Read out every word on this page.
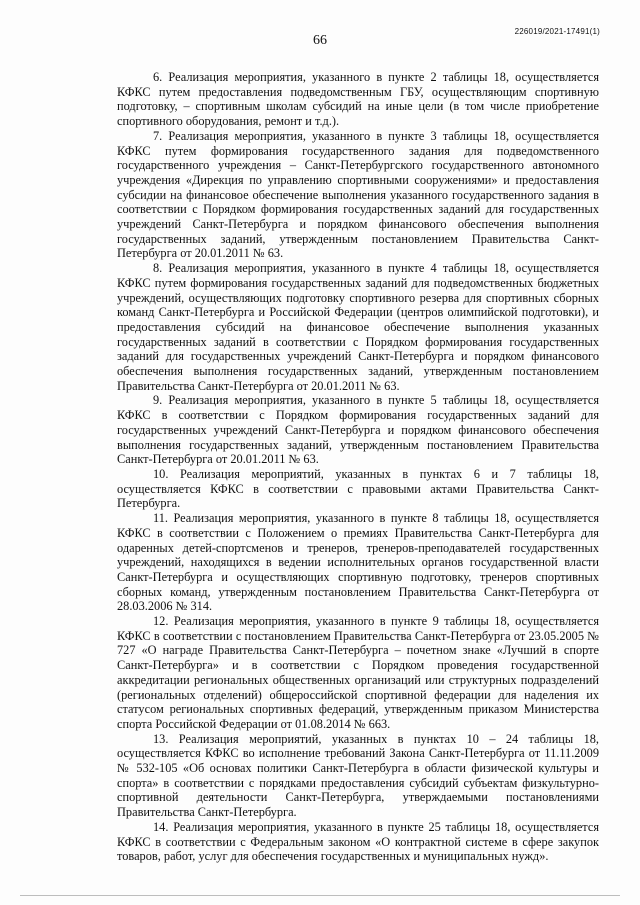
66
226019/2021-17491(1)

6. Реализация мероприятия, указанного в пункте 2 таблицы 18, осуществляется КФКС путем предоставления подведомственным ГБУ, осуществляющим спортивную подготовку, – спортивным школам субсидий на иные цели (в том числе приобретение спортивного оборудования, ремонт и т.д.).

7. Реализация мероприятия, указанного в пункте 3 таблицы 18, осуществляется КФКС путем формирования государственного задания для подведомственного государственного учреждения – Санкт-Петербургского государственного автономного учреждения «Дирекция по управлению спортивными сооружениями» и предоставления субсидии на финансовое обеспечение выполнения указанного государственного задания в соответствии с Порядком формирования государственных заданий для государственных учреждений Санкт-Петербурга и порядком финансового обеспечения выполнения государственных заданий, утвержденным постановлением Правительства Санкт-Петербурга от 20.01.2011 № 63.

8. Реализация мероприятия, указанного в пункте 4 таблицы 18, осуществляется КФКС путем формирования государственных заданий для подведомственных бюджетных учреждений, осуществляющих подготовку спортивного резерва для спортивных сборных команд Санкт-Петербурга и Российской Федерации (центров олимпийской подготовки), и предоставления субсидий на финансовое обеспечение выполнения указанных государственных заданий в соответствии с Порядком формирования государственных заданий для государственных учреждений Санкт-Петербурга и порядком финансового обеспечения выполнения государственных заданий, утвержденным постановлением Правительства Санкт-Петербурга от 20.01.2011 № 63.

9. Реализация мероприятия, указанного в пункте 5 таблицы 18, осуществляется КФКС в соответствии с Порядком формирования государственных заданий для государственных учреждений Санкт-Петербурга и порядком финансового обеспечения выполнения государственных заданий, утвержденным постановлением Правительства Санкт-Петербурга от 20.01.2011 № 63.

10. Реализация мероприятий, указанных в пунктах 6 и 7 таблицы 18, осуществляется КФКС в соответствии с правовыми актами Правительства Санкт-Петербурга.

11. Реализация мероприятия, указанного в пункте 8 таблицы 18, осуществляется КФКС в соответствии с Положением о премиях Правительства Санкт-Петербурга для одаренных детей-спортсменов и тренеров, тренеров-преподавателей государственных учреждений, находящихся в ведении исполнительных органов государственной власти Санкт-Петербурга и осуществляющих спортивную подготовку, тренеров спортивных сборных команд, утвержденным постановлением Правительства Санкт-Петербурга от 28.03.2006 № 314.

12. Реализация мероприятия, указанного в пункте 9 таблицы 18, осуществляется КФКС в соответствии с постановлением Правительства Санкт-Петербурга от 23.05.2005 № 727 «О награде Правительства Санкт-Петербурга – почетном знаке «Лучший в спорте Санкт-Петербурга» и в соответствии с Порядком проведения государственной аккредитации региональных общественных организаций или структурных подразделений (региональных отделений) общероссийской спортивной федерации для наделения их статусом региональных спортивных федераций, утвержденным приказом Министерства спорта Российской Федерации от 01.08.2014 № 663.

13. Реализация мероприятий, указанных в пунктах 10 – 24 таблицы 18, осуществляется КФКС во исполнение требований Закона Санкт-Петербурга от 11.11.2009 № 532-105 «Об основах политики Санкт-Петербурга в области физической культуры и спорта» в соответствии с порядками предоставления субсидий субъектам физкультурно-спортивной деятельности Санкт-Петербурга, утверждаемыми постановлениями Правительства Санкт-Петербурга.

14. Реализация мероприятия, указанного в пункте 25 таблицы 18, осуществляется КФКС в соответствии с Федеральным законом «О контрактной системе в сфере закупок товаров, работ, услуг для обеспечения государственных и муниципальных нужд».
